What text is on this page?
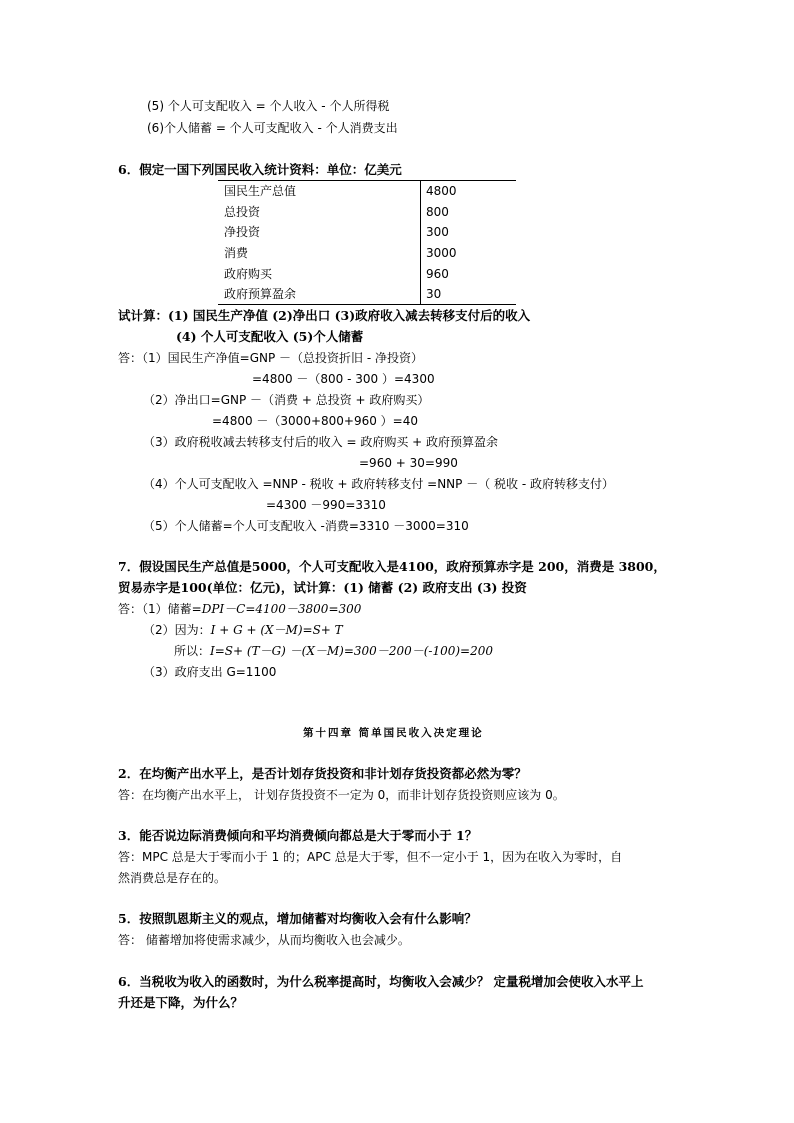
(5) 个人可支配收入 = 个人收入 - 个人所得税
(6)个人储蓄 = 个人可支配收入 - 个人消费支出
6．假定一国下列国民收入统计资料：单位：亿美元
国民生产总值	4800
总投资	800
净投资	300
消费	3000
政府购买	960
政府预算盈余	30
试计算：(1) 国民生产净值 (2)净出口 (3)政府收入减去转移支付后的收入
(4) 个人可支配收入 (5)个人储蓄
答：（1）国民生产净值=GNP －（总投资折旧 - 净投资）
=4800 －（800 - 300 ）=4300
（2）净出口=GNP －（消费 + 总投资 + 政府购买）
=4800 －（3000+800+960 ）=40
（3）政府税收减去转移支付后的收入 = 政府购买 + 政府预算盈余
=960 + 30=990
（4）个人可支配收入 =NNP - 税收 + 政府转移支付 =NNP －（ 税收 - 政府转移支付）
=4300 －990=3310
（5）个人储蓄=个人可支配收入 -消费=3310 －3000=310
7．假设国民生产总值是5000，个人可支配收入是4100，政府预算赤字是 200，消费是 3800，
贸易赤字是100(单位：亿元)，试计算：(1) 储蓄 (2) 政府支出 (3) 投资
答：（1）储蓄=DPI－C=4100－3800=300
（2）因为：I + G + (X－M)=S+ T
所以：I=S+ (T－G) －(X－M)=300－200－(-100)=200
（3）政府支出 G=1100
第十四章 简单国民收入决定理论
2．在均衡产出水平上，是否计划存货投资和非计划存货投资都必然为零？
答：在均衡产出水平上， 计划存货投资不一定为 0，而非计划存货投资则应该为 0。
3．能否说边际消费倾向和平均消费倾向都总是大于零而小于 1？
答：MPC 总是大于零而小于 1 的；APC 总是大于零，但不一定小于 1，因为在收入为零时，自
然消费总是存在的。
5．按照凯恩斯主义的观点，增加储蓄对均衡收入会有什么影响？
答： 储蓄增加将使需求减少，从而均衡收入也会减少。
6．当税收为收入的函数时，为什么税率提高时，均衡收入会减少？ 定量税增加会使收入水平上
升还是下降，为什么？
